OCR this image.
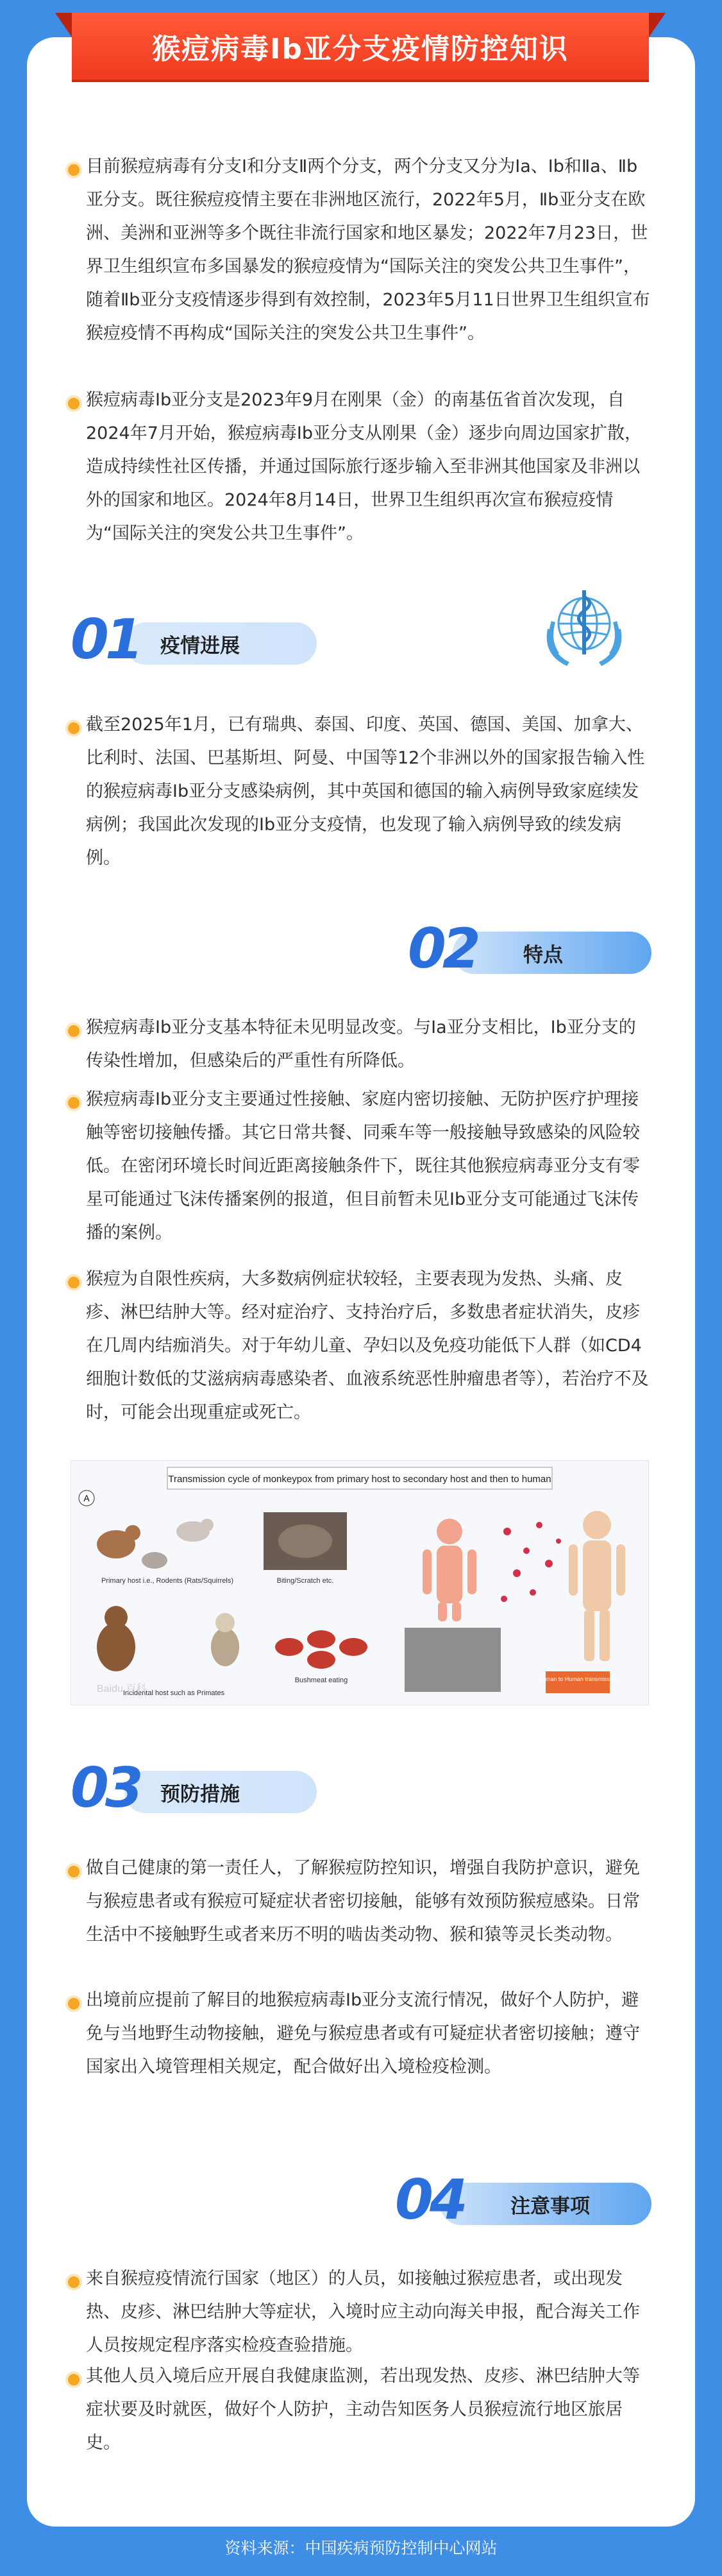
猴痘病毒Ⅰb亚分支疫情防控知识
目前猴痘病毒有分支Ⅰ和分支Ⅱ两个分支，两个分支又分为Ⅰa、Ⅰb和Ⅱa、Ⅱb亚分支。既往猴痘疫情主要在非洲地区流行，2022年5月，Ⅱb亚分支在欧洲、美洲和亚洲等多个既往非流行国家和地区暴发；2022年7月23日，世界卫生组织宣布多国暴发的猴痘疫情为“国际关注的突发公共卫生事件”，随着Ⅱb亚分支疫情逐步得到有效控制，2023年5月11日世界卫生组织宣布猴痘疫情不再构成“国际关注的突发公共卫生事件”。
猴痘病毒Ⅰb亚分支是2023年9月在刚果（金）的南基伍省首次发现，自2024年7月开始，猴痘病毒Ⅰb亚分支从刚果（金）逐步向周边国家扩散，造成持续性社区传播，并通过国际旅行逐步输入至非洲其他国家及非洲以外的国家和地区。2024年8月14日，世界卫生组织再次宣布猴痘疫情为“国际关注的突发公共卫生事件”。
01 疫情进展
截至2025年1月，已有瑞典、泰国、印度、英国、德国、美国、加拿大、比利时、法国、巴基斯坦、阿曼、中国等12个非洲以外的国家报告输入性的猴痘病毒Ⅰb亚分支感染病例，其中英国和德国的输入病例导致家庭续发病例；我国此次发现的Ⅰb亚分支疫情，也发现了输入病例导致的续发病例。
02 特点
猴痘病毒Ⅰb亚分支基本特征未见明显改变。与Ⅰa亚分支相比，Ⅰb亚分支的传染性增加，但感染后的严重性有所降低。
猴痘病毒Ⅰb亚分支主要通过性接触、家庭内密切接触、无防护医疗护理接触等密切接触传播。其它日常共餐、同乘车等一般接触导致感染的风险较低。在密闭环境长时间近距离接触条件下，既往其他猴痘病毒亚分支有零星可能通过飞沫传播案例的报道，但目前暂未见Ⅰb亚分支可能通过飞沫传播的案例。
猴痘为自限性疾病，大多数病例症状较轻，主要表现为发热、头痛、皮疹、淋巴结肿大等。经对症治疗、支持治疗后，多数患者症状消失，皮疹在几周内结痂消失。对于年幼儿童、孕妇以及免疫功能低下人群（如CD4细胞计数低的艾滋病病毒感染者、血液系统恶性肿瘤患者等），若治疗不及时，可能会出现重症或死亡。
Transmission cycle of monkeypox from primary host to secondary host and then to human
A
Primary host i.e., Rodents (Rats/Squirrels)	Biting/Scratch etc.
Incidental host such as Primates
Bushmeat eating	Human to Human transmission
Baidu 百科
03 预防措施
做自己健康的第一责任人，了解猴痘防控知识，增强自我防护意识，避免与猴痘患者或有猴痘可疑症状者密切接触，能够有效预防猴痘感染。日常生活中不接触野生或者来历不明的啮齿类动物、猴和猿等灵长类动物。
出境前应提前了解目的地猴痘病毒Ⅰb亚分支流行情况，做好个人防护，避免与当地野生动物接触，避免与猴痘患者或有可疑症状者密切接触；遵守国家出入境管理相关规定，配合做好出入境检疫检测。
04 注意事项
来自猴痘疫情流行国家（地区）的人员，如接触过猴痘患者，或出现发热、皮疹、淋巴结肿大等症状，入境时应主动向海关申报，配合海关工作人员按规定程序落实检疫查验措施。
其他人员入境后应开展自我健康监测，若出现发热、皮疹、淋巴结肿大等症状要及时就医，做好个人防护，主动告知医务人员猴痘流行地区旅居史。
资料来源：中国疾病预防控制中心网站
